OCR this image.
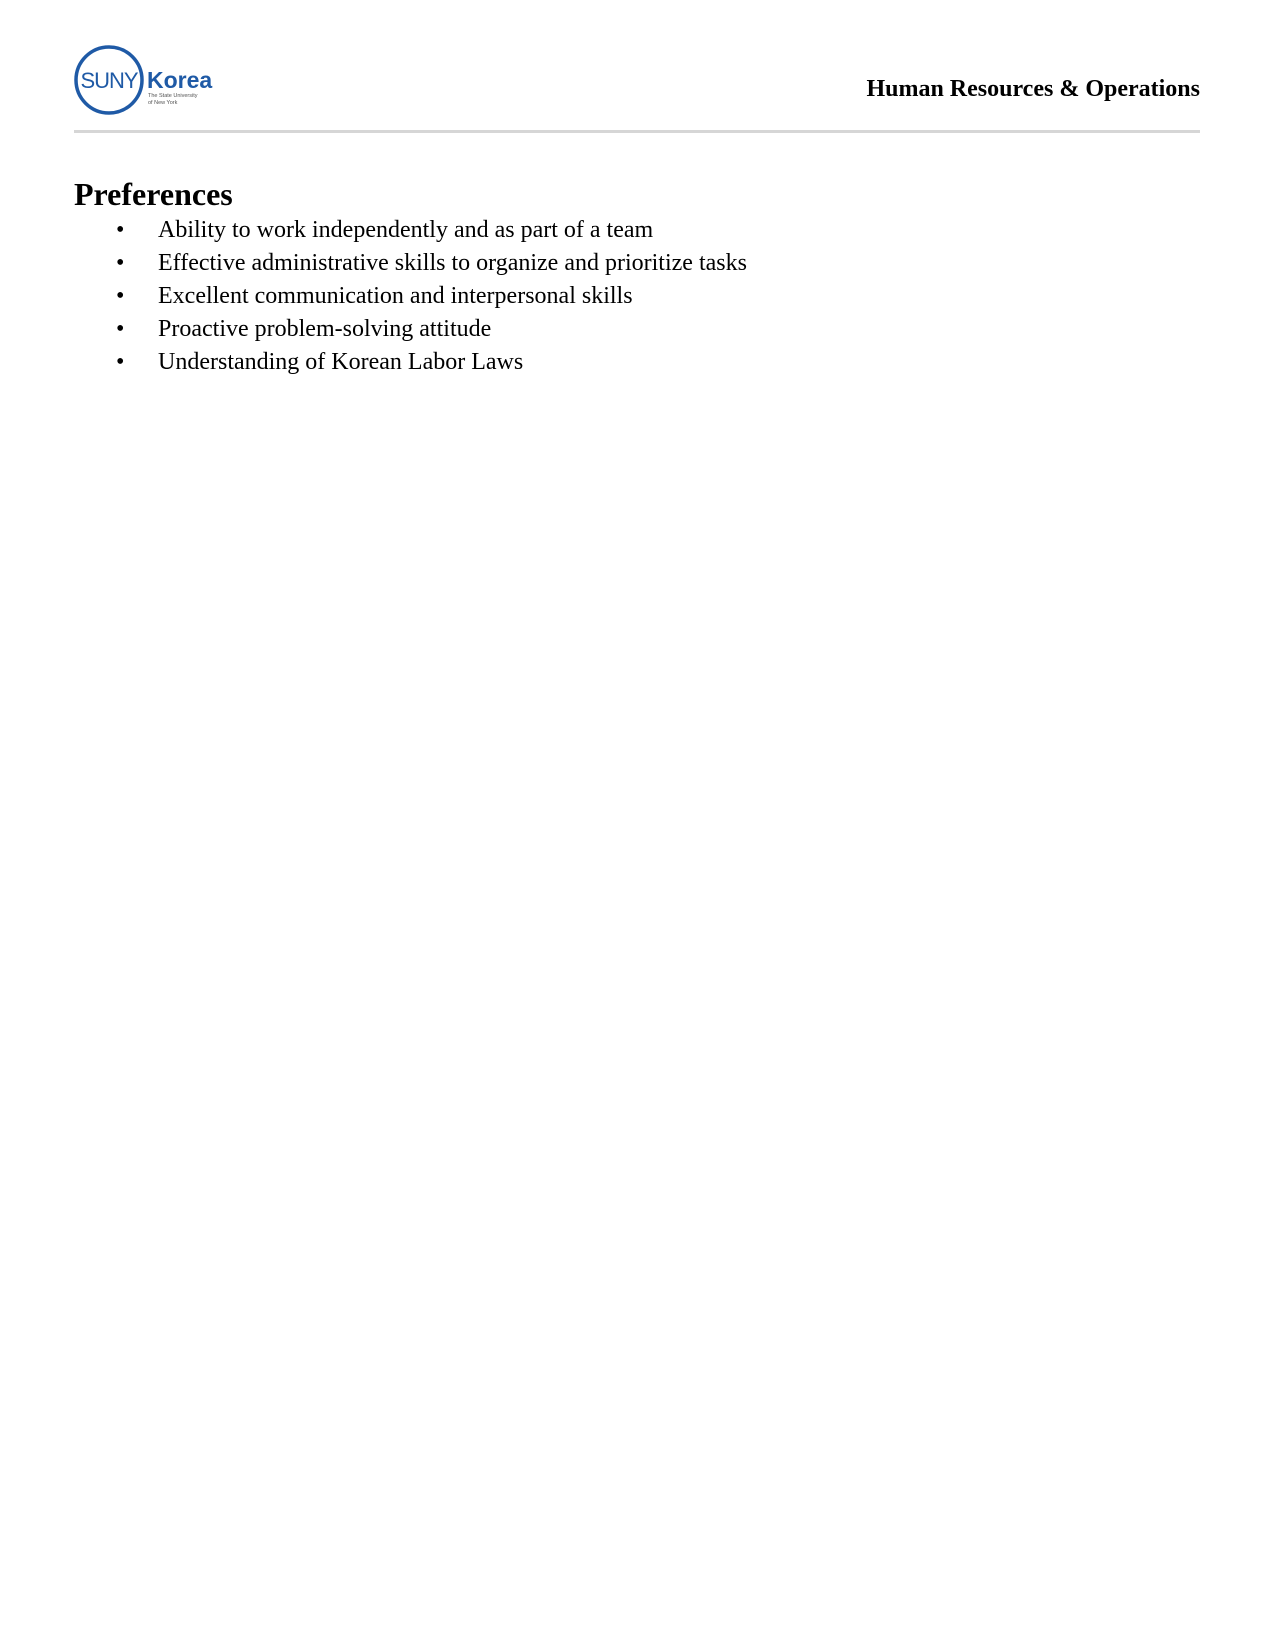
SUNY Korea
The State University
of New York
Human Resources & Operations
Preferences
• Ability to work independently and as part of a team
• Effective administrative skills to organize and prioritize tasks
• Excellent communication and interpersonal skills
• Proactive problem-solving attitude
• Understanding of Korean Labor Laws
